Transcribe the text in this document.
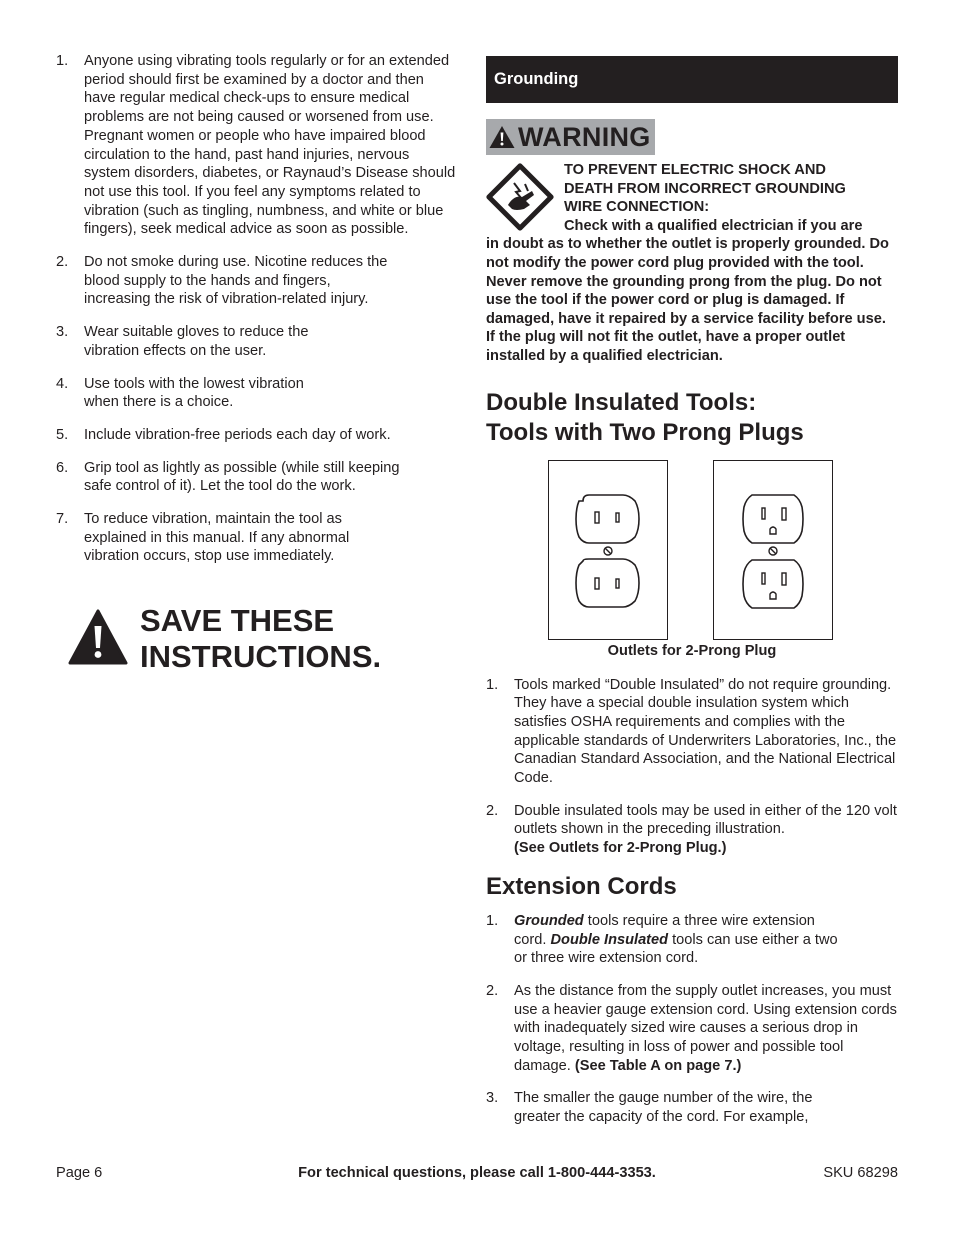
1.	Anyone using vibrating tools regularly or for an extended period should first be examined by a doctor and then have regular medical check-ups to ensure medical problems are not being caused or worsened from use. Pregnant women or people who have impaired blood circulation to the hand, past hand injuries, nervous system disorders, diabetes, or Raynaud’s Disease should not use this tool. If you feel any symptoms related to vibration (such as tingling, numbness, and white or blue fingers), seek medical advice as soon as possible.
2.	Do not smoke during use. Nicotine reduces the blood supply to the hands and fingers, increasing the risk of vibration-related injury.
3.	Wear suitable gloves to reduce the vibration effects on the user.
4.	Use tools with the lowest vibration when there is a choice.
5.	Include vibration-free periods each day of work.
6.	Grip tool as lightly as possible (while still keeping safe control of it). Let the tool do the work.
7.	To reduce vibration, maintain the tool as explained in this manual. If any abnormal vibration occurs, stop use immediately.
SAVE THESE
INSTRUCTIONS.
Grounding
WARNING
TO PREVENT ELECTRIC SHOCK AND
DEATH FROM INCORRECT GROUNDING
WIRE CONNECTION:
Check with a qualified electrician if you are
in doubt as to whether the outlet is properly grounded. Do not modify the power cord plug provided with the tool. Never remove the grounding prong from the plug. Do not use the tool if the power cord or plug is damaged. If damaged, have it repaired by a service facility before use. If the plug will not fit the outlet, have a proper outlet installed by a qualified electrician.
Double Insulated Tools:
Tools with Two Prong Plugs
Outlets for 2-Prong Plug
1.	Tools marked “Double Insulated” do not require grounding. They have a special double insulation system which satisfies OSHA requirements and complies with the applicable standards of Underwriters Laboratories, Inc., the Canadian Standard Association, and the National Electrical Code.
2.	Double insulated tools may be used in either of the 120 volt outlets shown in the preceding illustration.
(See Outlets for 2-Prong Plug.)
Extension Cords
1.	Grounded tools require a three wire extension cord. Double Insulated tools can use either a two or three wire extension cord.
2.	As the distance from the supply outlet increases, you must use a heavier gauge extension cord. Using extension cords with inadequately sized wire causes a serious drop in voltage, resulting in loss of power and possible tool damage. (See Table A on page 7.)
3.	The smaller the gauge number of the wire, the greater the capacity of the cord. For example,
Page 6	For technical questions, please call 1-800-444-3353.	SKU 68298
